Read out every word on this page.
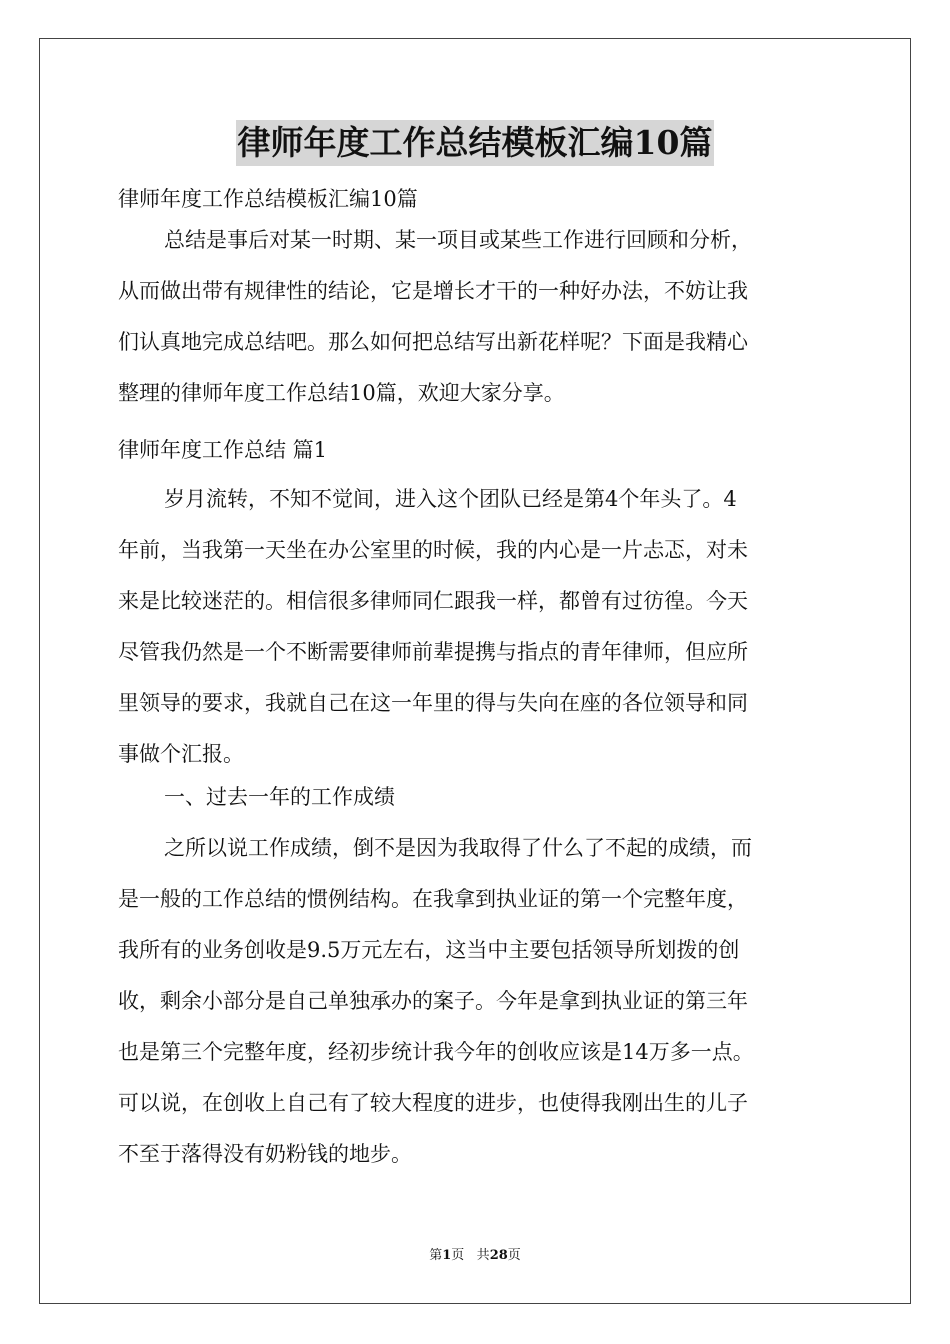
律师年度工作总结模板汇编10篇
律师年度工作总结模板汇编10篇
总结是事后对某一时期、某一项目或某些工作进行回顾和分析，
从而做出带有规律性的结论，它是增长才干的一种好办法，不妨让我
们认真地完成总结吧。那么如何把总结写出新花样呢？下面是我精心
整理的律师年度工作总结10篇，欢迎大家分享。
律师年度工作总结 篇1
岁月流转，不知不觉间，进入这个团队已经是第4个年头了。4
年前，当我第一天坐在办公室里的时候，我的内心是一片忐忑，对未
来是比较迷茫的。相信很多律师同仁跟我一样，都曾有过彷徨。今天
尽管我仍然是一个不断需要律师前辈提携与指点的青年律师，但应所
里领导的要求，我就自己在这一年里的得与失向在座的各位领导和同
事做个汇报。
一、过去一年的工作成绩
之所以说工作成绩，倒不是因为我取得了什么了不起的成绩，而
是一般的工作总结的惯例结构。在我拿到执业证的第一个完整年度，
我所有的业务创收是9.5万元左右，这当中主要包括领导所划拨的创
收，剩余小部分是自己单独承办的案子。今年是拿到执业证的第三年
也是第三个完整年度，经初步统计我今年的创收应该是14万多一点。
可以说，在创收上自己有了较大程度的进步，也使得我刚出生的儿子
不至于落得没有奶粉钱的地步。
第1页 共28页
